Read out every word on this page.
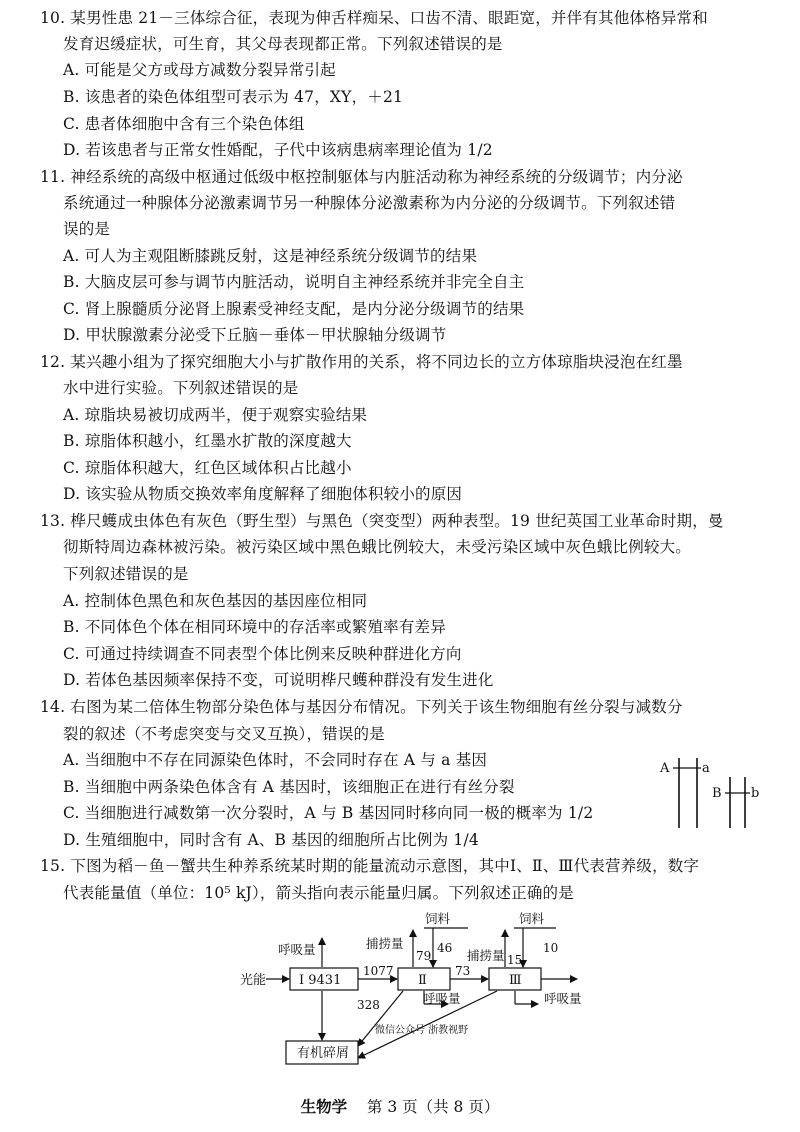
10. 某男性患 21－三体综合征，表现为伸舌样痴呆、口齿不清、眼距宽，并伴有其他体格异常和
发育迟缓症状，可生育，其父母表现都正常。下列叙述错误的是
A. 可能是父方或母方减数分裂异常引起
B. 该患者的染色体组型可表示为 47，XY，＋21
C. 患者体细胞中含有三个染色体组
D. 若该患者与正常女性婚配，子代中该病患病率理论值为 1/2
11. 神经系统的高级中枢通过低级中枢控制躯体与内脏活动称为神经系统的分级调节；内分泌
系统通过一种腺体分泌激素调节另一种腺体分泌激素称为内分泌的分级调节。下列叙述错
误的是
A. 可人为主观阻断膝跳反射，这是神经系统分级调节的结果
B. 大脑皮层可参与调节内脏活动，说明自主神经系统并非完全自主
C. 肾上腺髓质分泌肾上腺素受神经支配，是内分泌分级调节的结果
D. 甲状腺激素分泌受下丘脑－垂体－甲状腺轴分级调节
12. 某兴趣小组为了探究细胞大小与扩散作用的关系，将不同边长的立方体琼脂块浸泡在红墨
水中进行实验。下列叙述错误的是
A. 琼脂块易被切成两半，便于观察实验结果
B. 琼脂体积越小，红墨水扩散的深度越大
C. 琼脂体积越大，红色区域体积占比越小
D. 该实验从物质交换效率角度解释了细胞体积较小的原因
13. 桦尺蠖成虫体色有灰色（野生型）与黑色（突变型）两种表型。19 世纪英国工业革命时期，曼
彻斯特周边森林被污染。被污染区域中黑色蛾比例较大，未受污染区域中灰色蛾比例较大。
下列叙述错误的是
A. 控制体色黑色和灰色基因的基因座位相同
B. 不同体色个体在相同环境中的存活率或繁殖率有差异
C. 可通过持续调查不同表型个体比例来反映种群进化方向
D. 若体色基因频率保持不变，可说明桦尺蠖种群没有发生进化
14. 右图为某二倍体生物部分染色体与基因分布情况。下列关于该生物细胞有丝分裂与减数分
裂的叙述（不考虑突变与交叉互换），错误的是
A. 当细胞中不存在同源染色体时，不会同时存在 A 与 a 基因
B. 当细胞中两条染色体含有 A 基因时，该细胞正在进行有丝分裂
C. 当细胞进行减数第一次分裂时，A 与 B 基因同时移向同一极的概率为 1/2
D. 生殖细胞中，同时含有 A、B 基因的细胞所占比例为 1/4
A	a
B b
15. 下图为稻－鱼－蟹共生种养系统某时期的能量流动示意图，其中Ⅰ、Ⅱ、Ⅲ代表营养级，数字
代表能量值（单位：10⁵ kJ），箭头指向表示能量归属。下列叙述正确的是
光能	Ⅰ 9431	Ⅱ	Ⅲ
有机碎屑
呼吸量
1077
328
捕捞量
79
46
饲料
呼吸量
73
捕捞量 15
饲料
10
呼吸量
微信公众号 浙教视野
生物学 第 3 页（共 8 页）
